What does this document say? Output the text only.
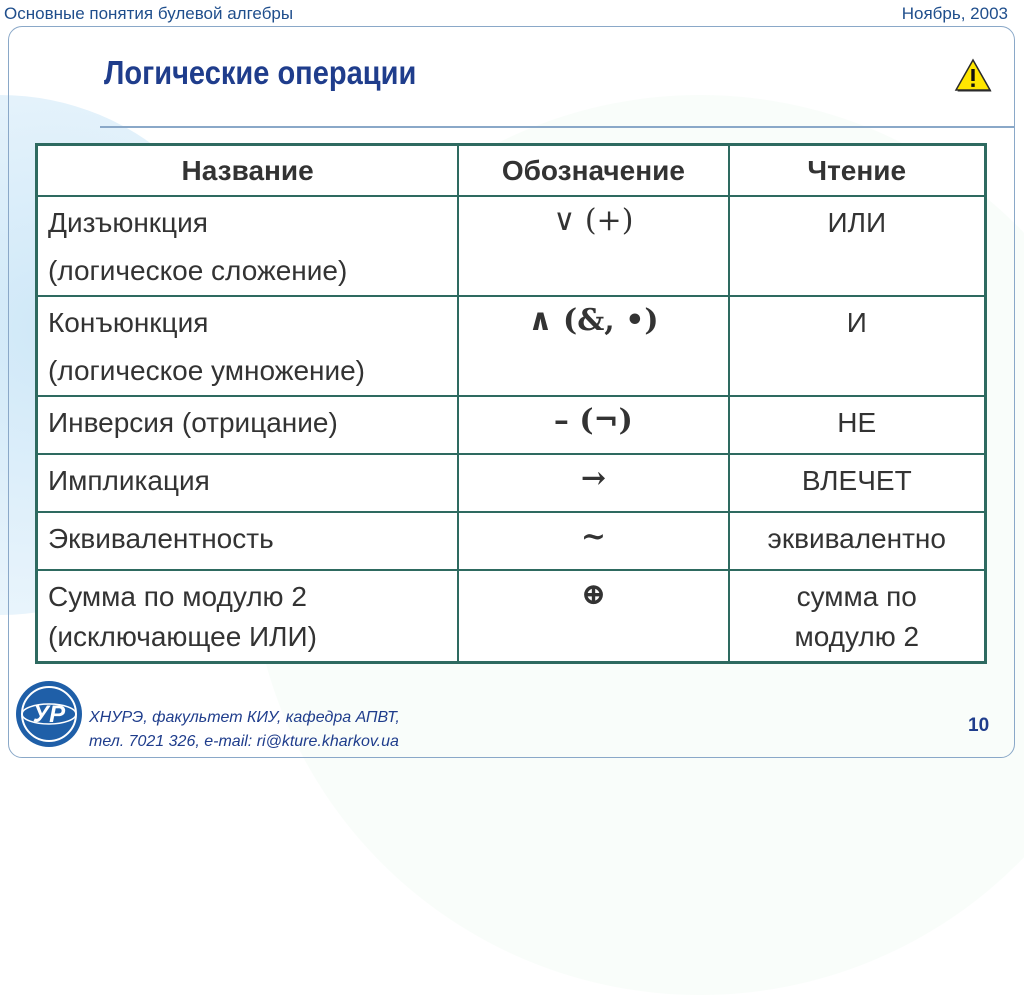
Основные понятия булевой алгебры	Ноябрь, 2003
Логические операции
Название	Обозначение	Чтение

Дизъюнкция
(логическое сложение)	∨ (+)	ИЛИ

Конъюнкция
(логическое умножение)	∧ (&, •)	И

Инверсия (отрицание)	– (¬)	НЕ

Импликация	→	ВЛЕЧЕТ

Эквивалентность	~	эквивалентно

Сумма по модулю 2
(исключающее ИЛИ)	⊕	сумма по
модулю 2
УР ХНУРЭ, факультет КИУ, кафедра АПВТ,
тел. 7021 326, e-mail: ri@kture.kharkov.ua
10
